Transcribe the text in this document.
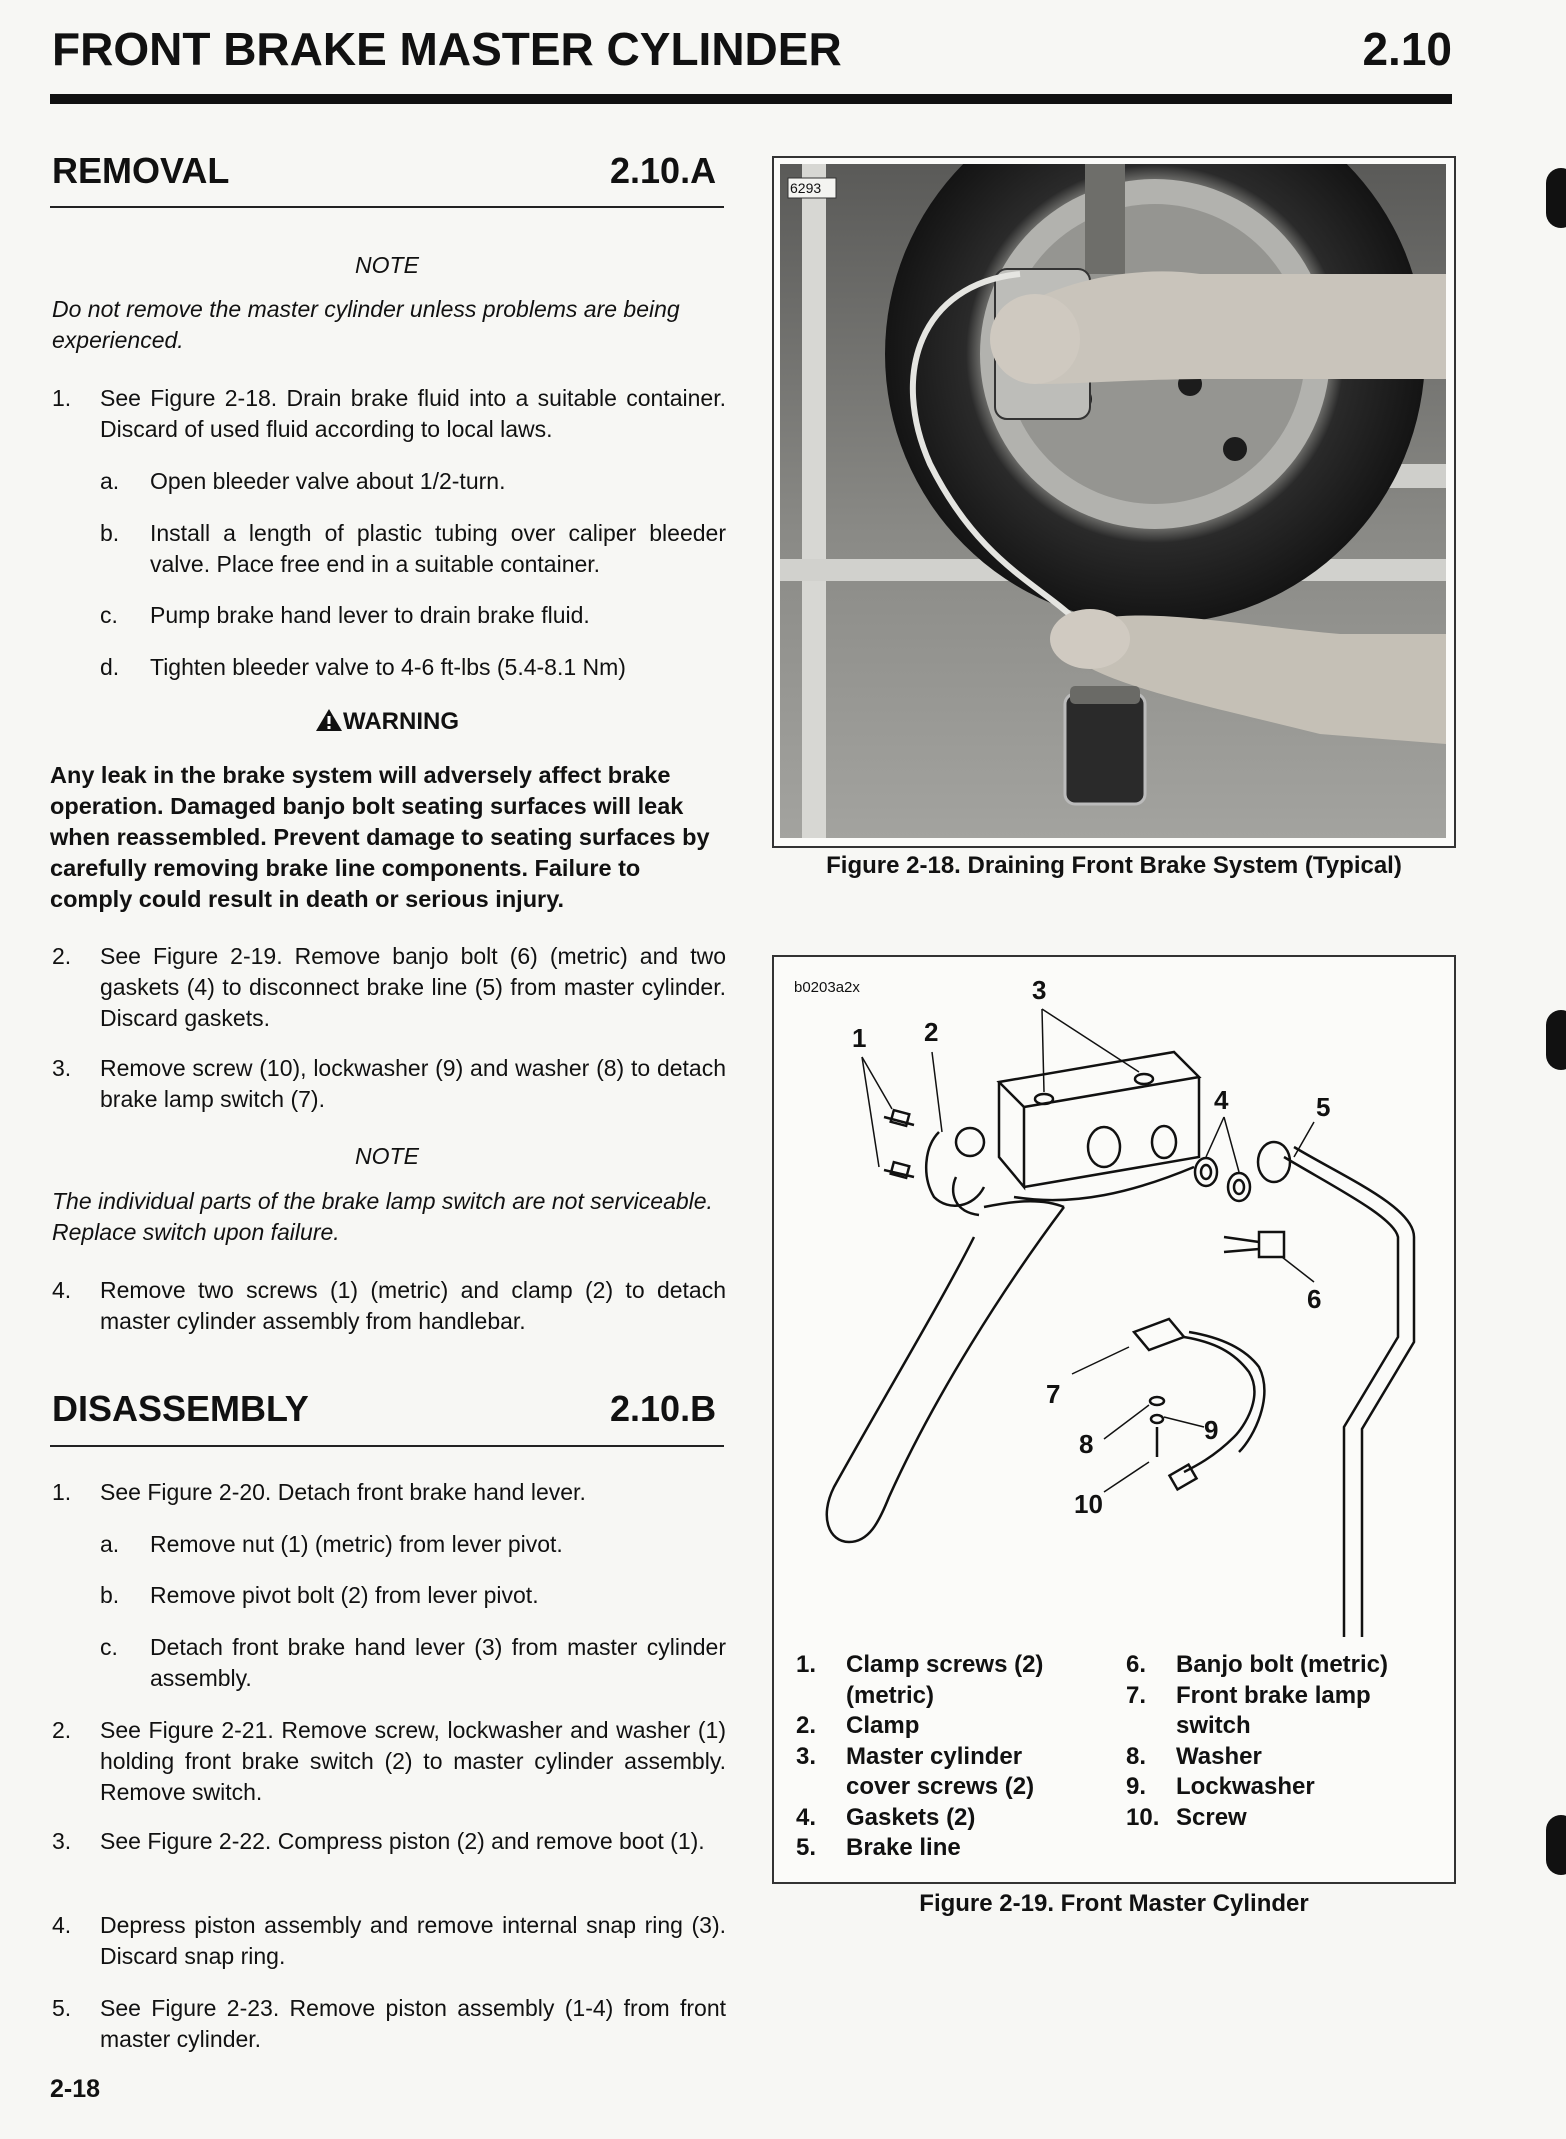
FRONT BRAKE MASTER CYLINDER	2.10
REMOVAL	2.10.A
NOTE
Do not remove the master cylinder unless problems are being experienced.
1. See Figure 2-18. Drain brake fluid into a suitable container. Discard of used fluid according to local laws.
a. Open bleeder valve about 1/2-turn.
b. Install a length of plastic tubing over caliper bleeder valve. Place free end in a suitable container.
c. Pump brake hand lever to drain brake fluid.
d. Tighten bleeder valve to 4-6 ft-lbs (5.4-8.1 Nm)
WARNING
Any leak in the brake system will adversely affect brake operation. Damaged banjo bolt seating surfaces will leak when reassembled. Prevent damage to seating surfaces by carefully removing brake line components. Failure to comply could result in death or serious injury.
2. See Figure 2-19. Remove banjo bolt (6) (metric) and two gaskets (4) to disconnect brake line (5) from master cylinder. Discard gaskets.
3. Remove screw (10), lockwasher (9) and washer (8) to detach brake lamp switch (7).
NOTE
The individual parts of the brake lamp switch are not serviceable. Replace switch upon failure.
4. Remove two screws (1) (metric) and clamp (2) to detach master cylinder assembly from handlebar.
DISASSEMBLY	2.10.B
1. See Figure 2-20. Detach front brake hand lever.
a. Remove nut (1) (metric) from lever pivot.
b. Remove pivot bolt (2) from lever pivot.
c. Detach front brake hand lever (3) from master cylinder assembly.
2. See Figure 2-21. Remove screw, lockwasher and washer (1) holding front brake switch (2) to master cylinder assembly. Remove switch.
3. See Figure 2-22. Compress piston (2) and remove boot (1).
4. Depress piston assembly and remove internal snap ring (3). Discard snap ring.
5. See Figure 2-23. Remove piston assembly (1-4) from front master cylinder.
2-18
6293
Figure 2-18. Draining Front Brake System (Typical)
b0203a2x
1 2
3
4	5
6
7
8	9
10
1. Clamp screws (2)
(metric)
2. Clamp
3. Master cylinder
cover screws (2)
4. Gaskets (2)
5. Brake line
6. Banjo bolt (metric)
7. Front brake lamp
switch
8. Washer
9. Lockwasher
10. Screw
Figure 2-19. Front Master Cylinder
